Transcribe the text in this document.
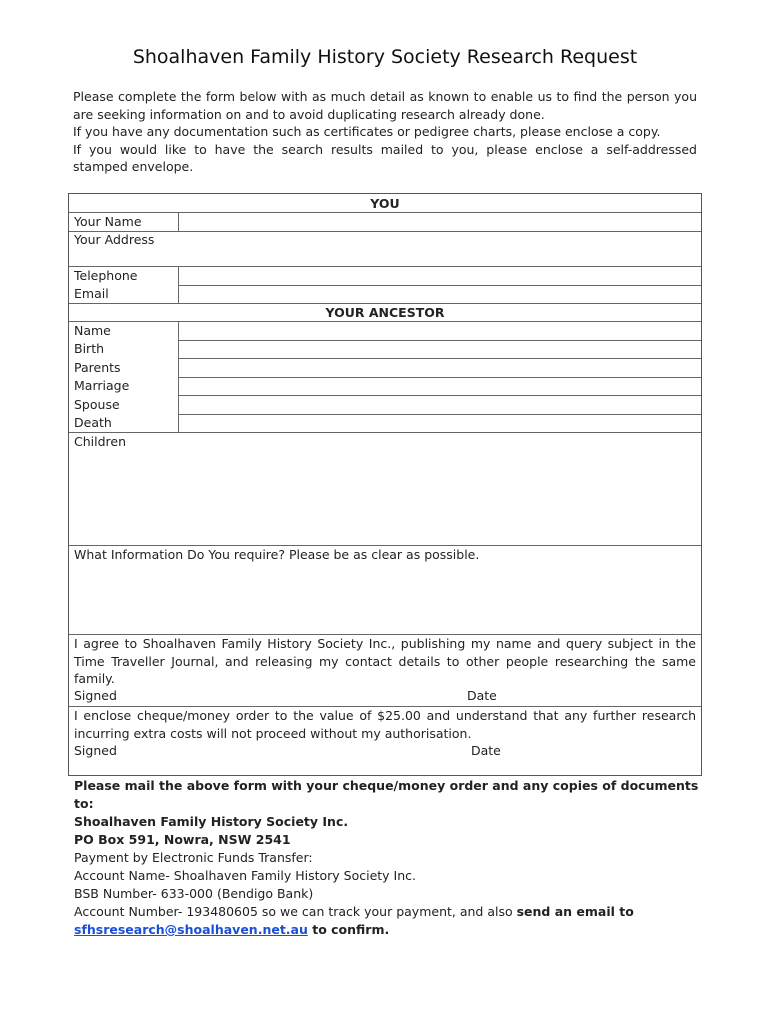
Shoalhaven Family History Society Research Request

Please complete the form below with as much detail as known to enable us to find the person you are seeking information on and to avoid duplicating research already done.

If you have any documentation such as certificates or pedigree charts, please enclose a copy.

If you would like to have the search results mailed to you, please enclose a self-addressed stamped envelope.

YOU
Your Name
Your Address
Telephone
Email
YOUR ANCESTOR
Name
Birth
Parents
Marriage
Spouse
Death
Children
What Information Do You require? Please be as clear as possible.
I agree to Shoalhaven Family History Society Inc., publishing my name and query subject in the Time Traveller Journal, and releasing my contact details to other people researching the same family.
Signed	Date
I enclose cheque/money order to the value of $25.00 and understand that any further research incurring extra costs will not proceed without my authorisation.
Signed	Date

Please mail the above form with your cheque/money order and any copies of documents to:

Shoalhaven Family History Society Inc.

PO Box 591, Nowra, NSW 2541

Payment by Electronic Funds Transfer:

Account Name- Shoalhaven Family History Society Inc.

BSB Number- 633-000 (Bendigo Bank)

Account Number- 193480605 so we can track your payment, and also send an email to

sfhsresearch@shoalhaven.net.au to confirm.
